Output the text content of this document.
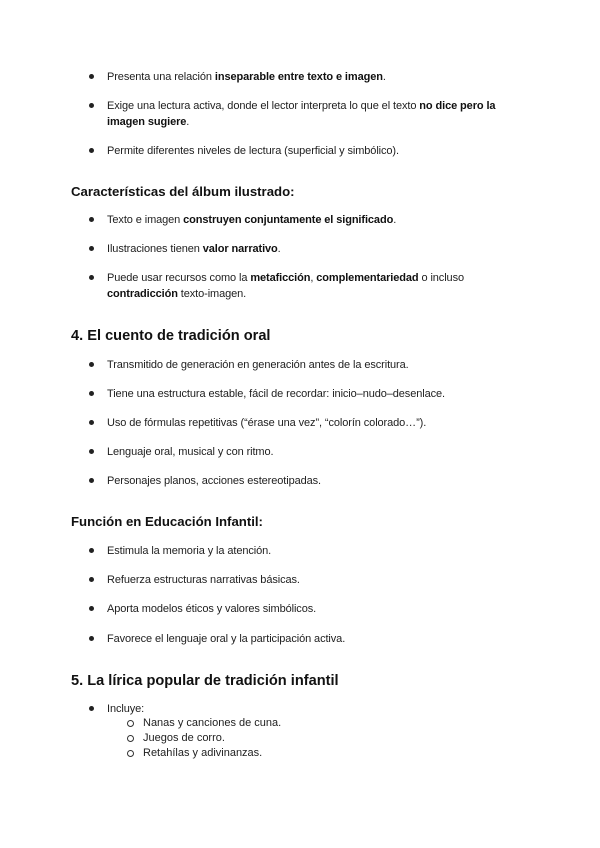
Presenta una relación inseparable entre texto e imagen.
Exige una lectura activa, donde el lector interpreta lo que el texto no dice pero la imagen sugiere.
Permite diferentes niveles de lectura (superficial y simbólico).
Características del álbum ilustrado:
Texto e imagen construyen conjuntamente el significado.
Ilustraciones tienen valor narrativo.
Puede usar recursos como la metaficción, complementariedad o incluso contradicción texto-imagen.
4. El cuento de tradición oral
Transmitido de generación en generación antes de la escritura.
Tiene una estructura estable, fácil de recordar: inicio–nudo–desenlace.
Uso de fórmulas repetitivas (“érase una vez”, “colorín colorado…”).
Lenguaje oral, musical y con ritmo.
Personajes planos, acciones estereotipadas.
Función en Educación Infantil:
Estimula la memoria y la atención.
Refuerza estructuras narrativas básicas.
Aporta modelos éticos y valores simbólicos.
Favorece el lenguaje oral y la participación activa.
5. La lírica popular de tradición infantil
Incluye:
Nanas y canciones de cuna.
Juegos de corro.
Retahílas y adivinanzas.
